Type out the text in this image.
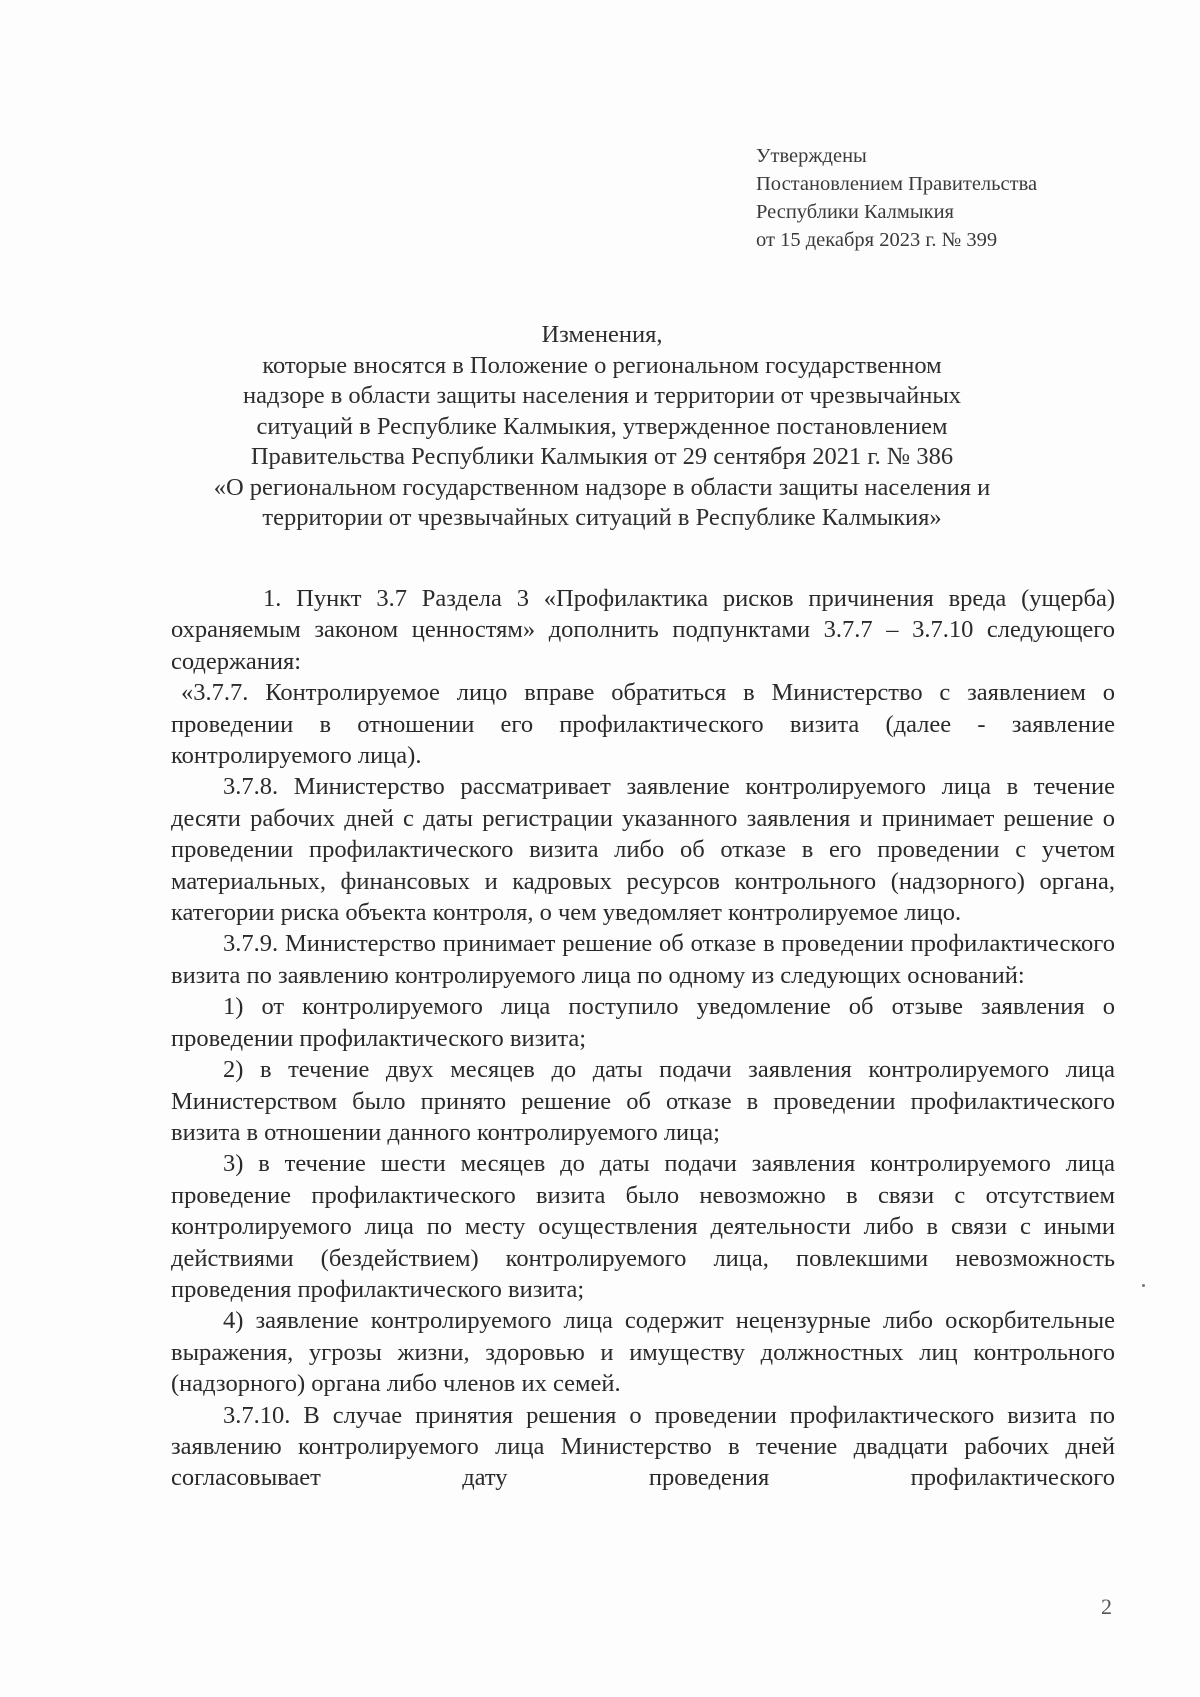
Утверждены
Постановлением Правительства
Республики Калмыкия
от 15 декабря 2023 г. № 399
Изменения,
которые вносятся в Положение о региональном государственном
надзоре в области защиты населения и территории от чрезвычайных
ситуаций в Республике Калмыкия, утвержденное постановлением
Правительства Республики Калмыкия от 29 сентября 2021 г. № 386
«О региональном государственном надзоре в области защиты населения и
территории от чрезвычайных ситуаций в Республике Калмыкия»

1. Пункт 3.7 Раздела 3 «Профилактика рисков причинения вреда (ущерба) охраняемым законом ценностям» дополнить подпунктами 3.7.7 – 3.7.10 следующего содержания:

«3.7.7. Контролируемое лицо вправе обратиться в Министерство с заявлением о проведении в отношении его профилактического визита (далее - заявление контролируемого лица).

3.7.8. Министерство рассматривает заявление контролируемого лица в течение десяти рабочих дней с даты регистрации указанного заявления и принимает решение о проведении профилактического визита либо об отказе в его проведении с учетом материальных, финансовых и кадровых ресурсов контрольного (надзорного) органа, категории риска объекта контроля, о чем уведомляет контролируемое лицо.

3.7.9. Министерство принимает решение об отказе в проведении профилактического визита по заявлению контролируемого лица по одному из следующих оснований:

1) от контролируемого лица поступило уведомление об отзыве заявления о проведении профилактического визита;

2) в течение двух месяцев до даты подачи заявления контролируемого лица Министерством было принято решение об отказе в проведении профилактического визита в отношении данного контролируемого лица;

3) в течение шести месяцев до даты подачи заявления контролируемого лица проведение профилактического визита было невозможно в связи с отсутствием контролируемого лица по месту осуществления деятельности либо в связи с иными действиями (бездействием) контролируемого лица, повлекшими невозможность проведения профилактического визита;

4) заявление контролируемого лица содержит нецензурные либо оскорбительные выражения, угрозы жизни, здоровью и имуществу должностных лиц контрольного (надзорного) органа либо членов их семей.

3.7.10. В случае принятия решения о проведении профилактического визита по заявлению контролируемого лица Министерство в течение двадцати рабочих дней согласовывает дату проведения профилактического

2
